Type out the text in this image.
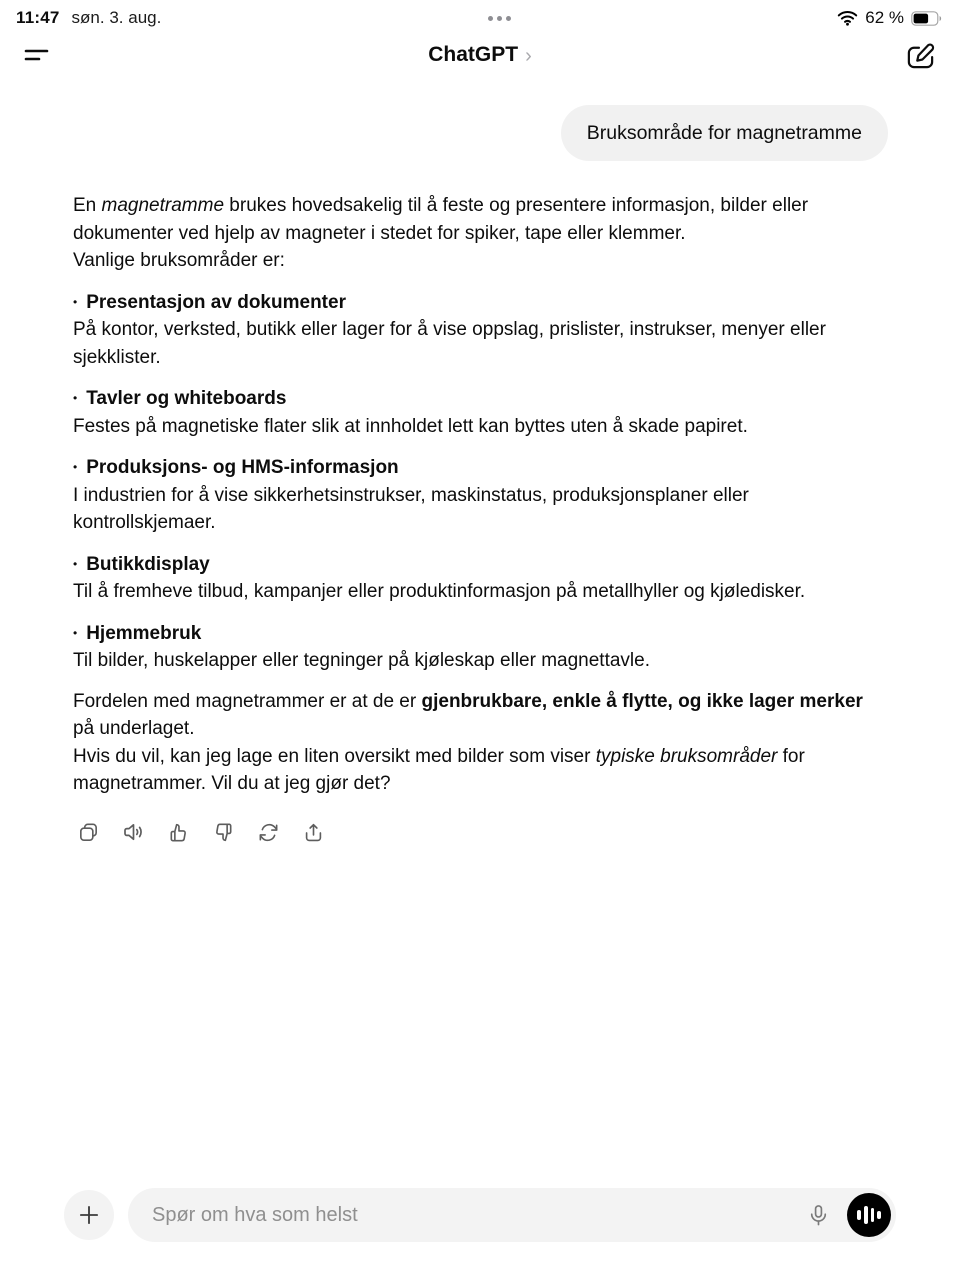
11:47 søn. 3. aug.	62 %
ChatGPT ›
Bruksområde for magnetramme

En magnetramme brukes hovedsakelig til å feste og presentere informasjon, bilder eller dokumenter ved hjelp av magneter i stedet for spiker, tape eller klemmer.
Vanlige bruksområder er:

• Presentasjon av dokumenter
På kontor, verksted, butikk eller lager for å vise oppslag, prislister, instrukser, menyer eller sjekklister.
• Tavler og whiteboards
Festes på magnetiske flater slik at innholdet lett kan byttes uten å skade papiret.
• Produksjons- og HMS-informasjon
I industrien for å vise sikkerhetsinstrukser, maskinstatus, produksjonsplaner eller kontrollskjemaer.
• Butikkdisplay
Til å fremheve tilbud, kampanjer eller produktinformasjon på metallhyller og kjøledisker.
• Hjemmebruk
Til bilder, huskelapper eller tegninger på kjøleskap eller magnettavle.

Fordelen med magnetrammer er at de er gjenbrukbare, enkle å flytte, og ikke lager merker på underlaget.

Hvis du vil, kan jeg lage en liten oversikt med bilder som viser typiske bruksområder for magnetrammer. Vil du at jeg gjør det?

Spør om hva som helst
